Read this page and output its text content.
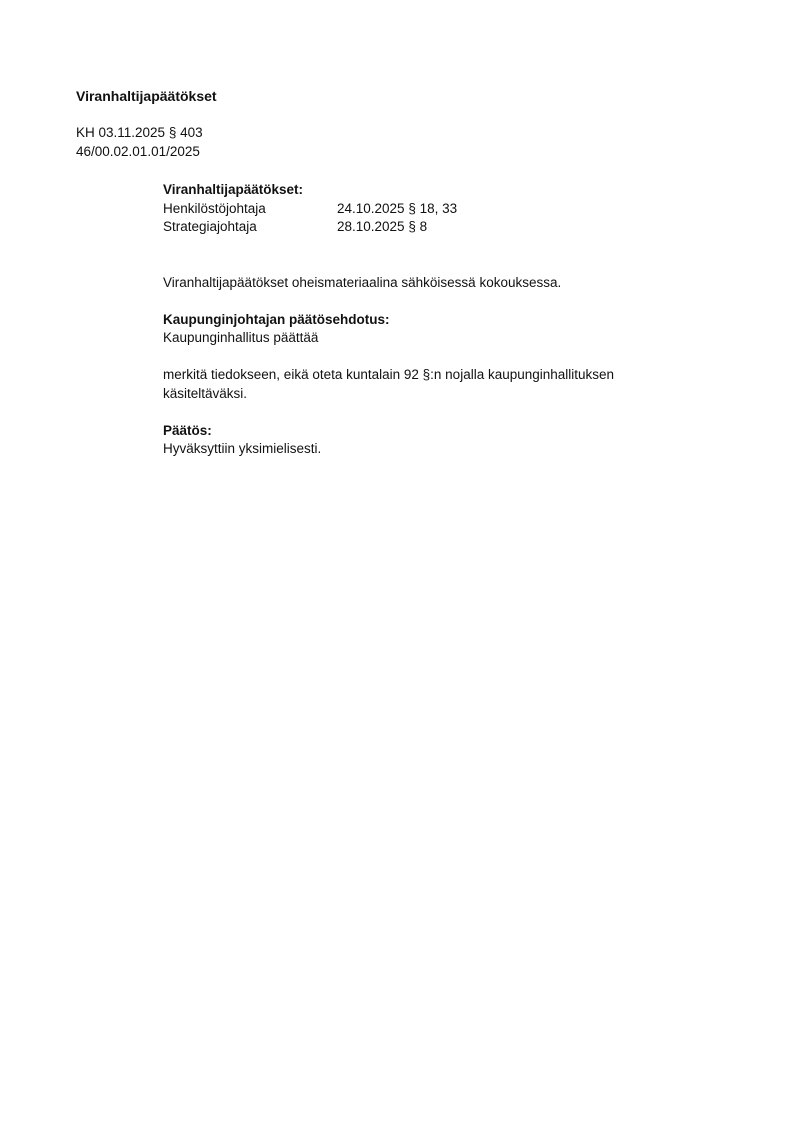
Viranhaltijapäätökset
KH 03.11.2025 § 403
46/00.02.01.01/2025
Viranhaltijapäätökset:
Henkilöstöjohtaja	24.10.2025 § 18, 33
Strategiajohtaja	28.10.2025 § 8
Viranhaltijapäätökset oheismateriaalina sähköisessä kokouksessa.
Kaupunginjohtajan päätösehdotus:
Kaupunginhallitus päättää
merkitä tiedokseen, eikä oteta kuntalain 92 §:n nojalla kaupunginhallituksen käsiteltäväksi.
Päätös:
Hyväksyttiin yksimielisesti.
